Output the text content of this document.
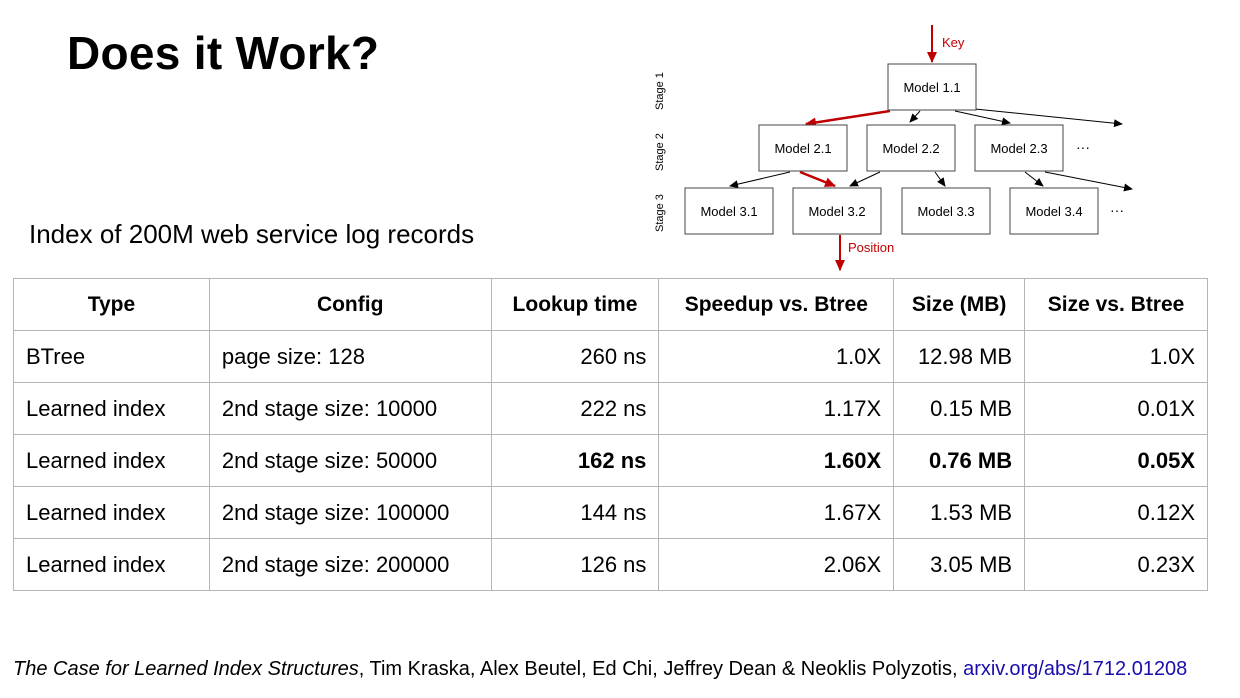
Does it Work?
Stage 1
Stage 2
Stage 3
Key
Model 1.1
Model 2.1	Model 2.2	Model 2.3 ···
Model 3.1	Model 3.2	Model 3.3	Model 3.4 ···
Position
Index of 200M web service log records
Type	Config	Lookup time	Speedup vs. Btree	Size (MB)	Size vs. Btree
BTree	page size: 128	260 ns	1.0X	12.98 MB	1.0X
Learned index	2nd stage size: 10000	222 ns	1.17X	0.15 MB	0.01X
Learned index	2nd stage size: 50000	162 ns	1.60X	0.76 MB	0.05X
Learned index	2nd stage size: 100000	144 ns	1.67X	1.53 MB	0.12X
Learned index	2nd stage size: 200000	126 ns	2.06X	3.05 MB	0.23X
The Case for Learned Index Structures, Tim Kraska, Alex Beutel, Ed Chi, Jeffrey Dean & Neoklis Polyzotis, arxiv.org/abs/1712.01208
